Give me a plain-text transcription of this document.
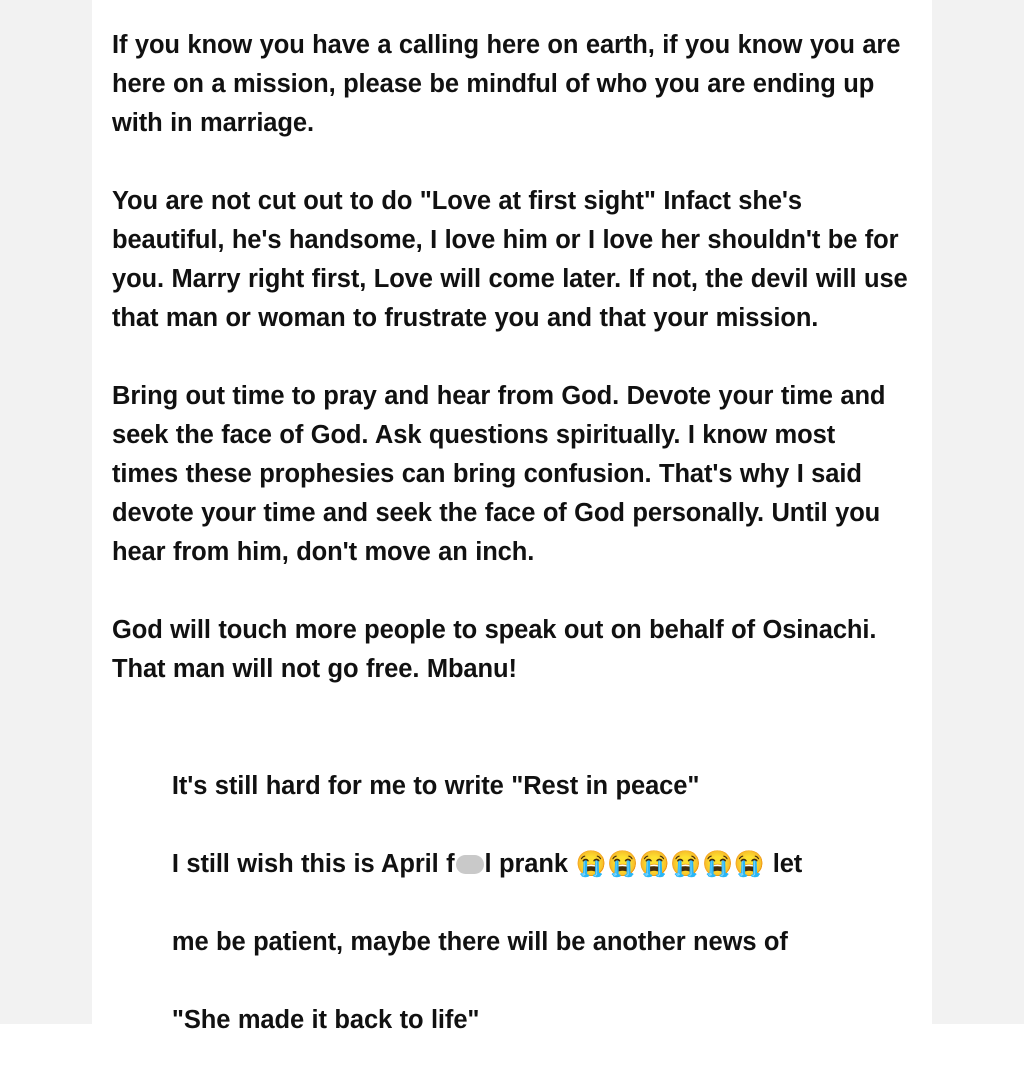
If you know you have a calling here on earth, if you know you are here on a mission, please be mindful of who you are ending up with in marriage.

You are not cut out to do "Love at first sight" Infact she's beautiful, he's handsome, I love him or I love her shouldn't be for you. Marry right first, Love will come later. If not, the devil will use that man or woman to frustrate you and that your mission.

Bring out time to pray and hear from God. Devote your time and seek the face of God. Ask questions spiritually. I know most times these prophesies can bring confusion. That's why I said devote your time and seek the face of God personally. Until you hear from him, don't move an inch.

God will touch more people to speak out on behalf of Osinachi. That man will not go free. Mbanu!

It's still hard for me to write "Rest in peace"

I still wish this is April f l prank 😭😭😭😭😭😭 let

me be patient, maybe there will be another news of

"She made it back to life"
